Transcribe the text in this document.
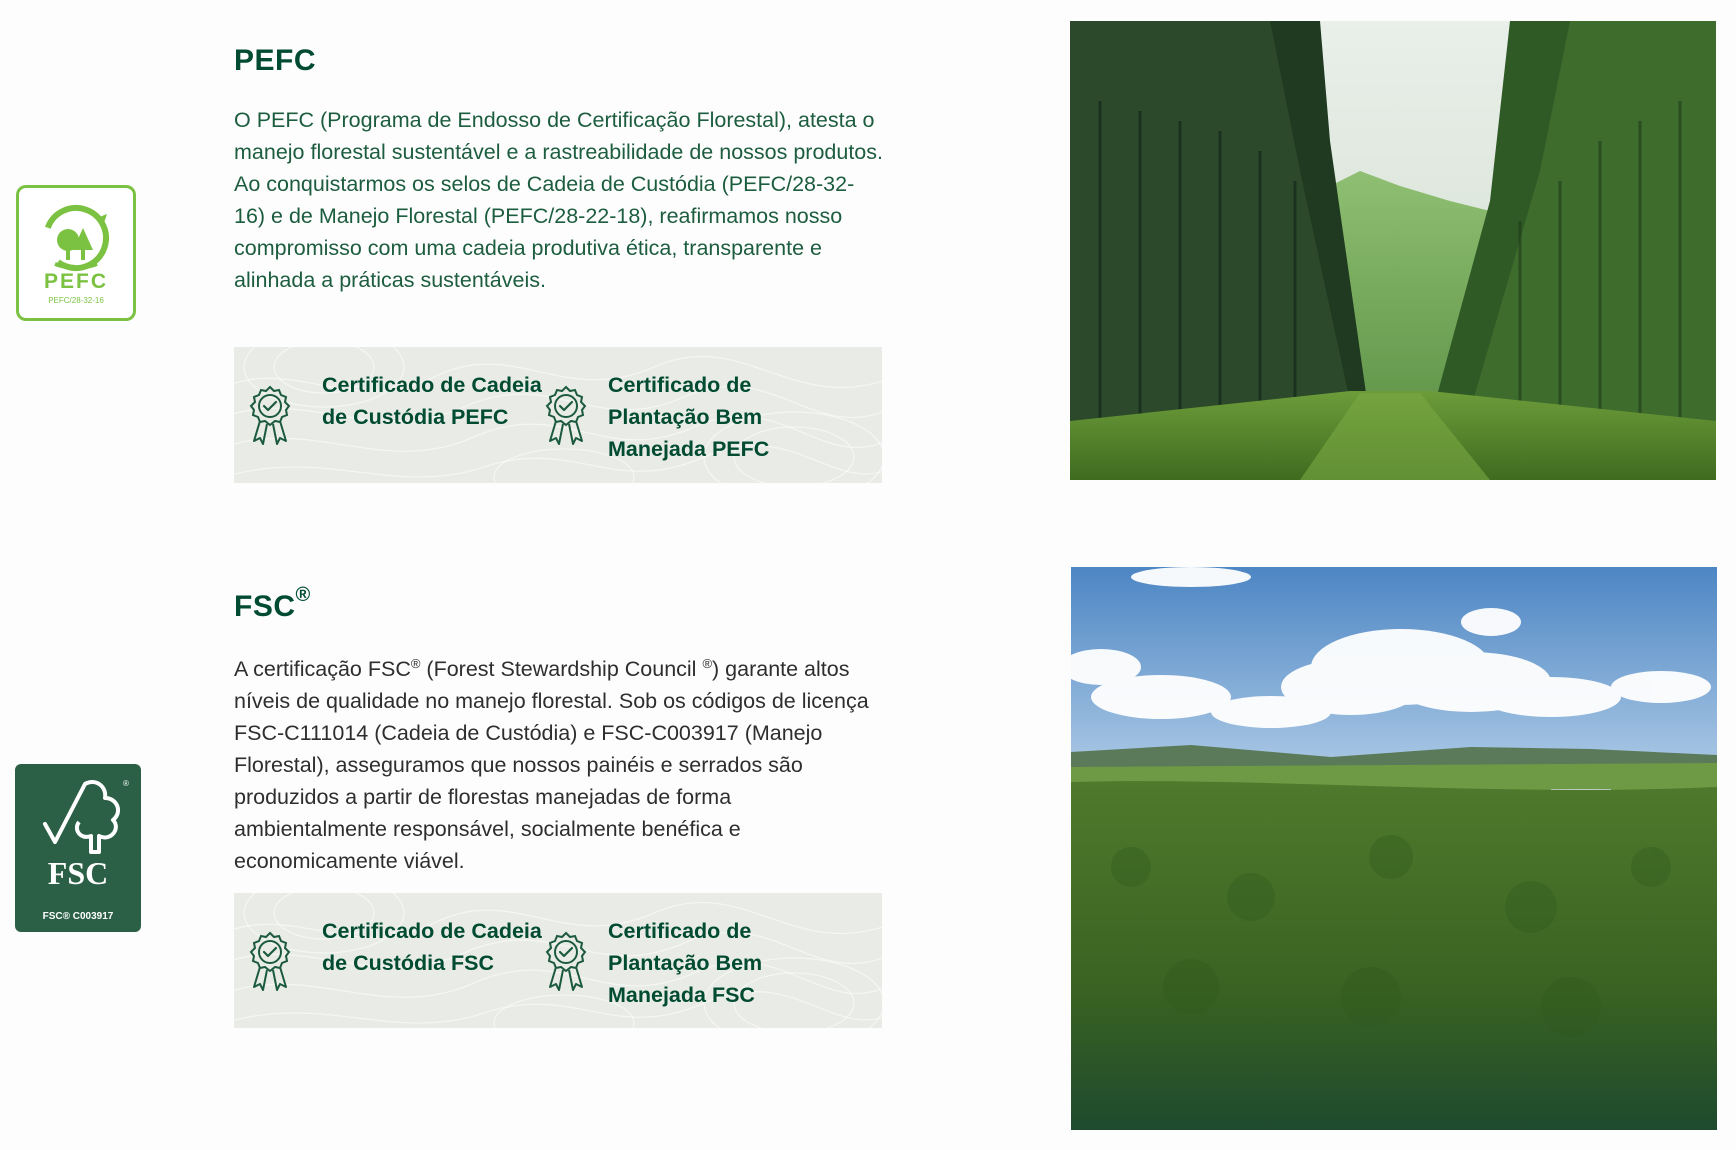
PEFC
PEFC/28-32-16
PEFC

O PEFC (Programa de Endosso de Certificação Florestal), atesta o manejo florestal sustentável e a rastreabilidade de nossos produtos. Ao conquistarmos os selos de Cadeia de Custódia (PEFC/28-32-16) e de Manejo Florestal (PEFC/28-22-18), reafirmamos nosso compromisso com uma cadeia produtiva ética, transparente e alinhada a práticas sustentáveis.

Certificado de Cadeia de Custódia PEFC
Certificado de Plantação Bem Manejada PEFC
®
FSC
FSC® C003917
FSC®

A certificação FSC® (Forest Stewardship Council ®) garante altos níveis de qualidade no manejo florestal. Sob os códigos de licença FSC-C111014 (Cadeia de Custódia) e FSC-C003917 (Manejo Florestal), asseguramos que nossos painéis e serrados são produzidos a partir de florestas manejadas de forma ambientalmente responsável, socialmente benéfica e economicamente viável.

Certificado de Cadeia de Custódia FSC
Certificado de Plantação Bem Manejada FSC
